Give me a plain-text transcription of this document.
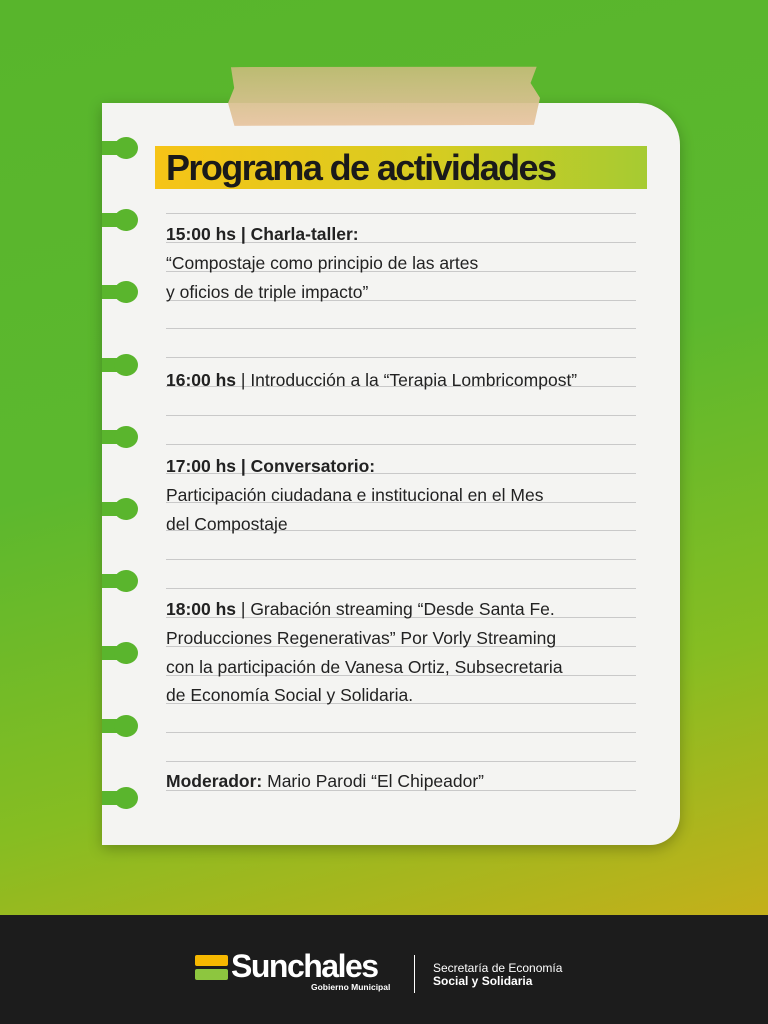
Programa de actividades
15:00 hs | Charla-taller:
“Compostaje como principio de las artes
y oficios de triple impacto”
16:00 hs | Introducción a la “Terapia Lombricompost”
17:00 hs | Conversatorio:
Participación ciudadana e institucional en el Mes
del Compostaje
18:00 hs | Grabación streaming “Desde Santa Fe.
Producciones Regenerativas” Por Vorly Streaming
con la participación de Vanesa Ortiz, Subsecretaria
de Economía Social y Solidaria.
Moderador: Mario Parodi “El Chipeador”
Sunchales
Gobierno Municipal
Secretaría de Economía
Social y Solidaria
